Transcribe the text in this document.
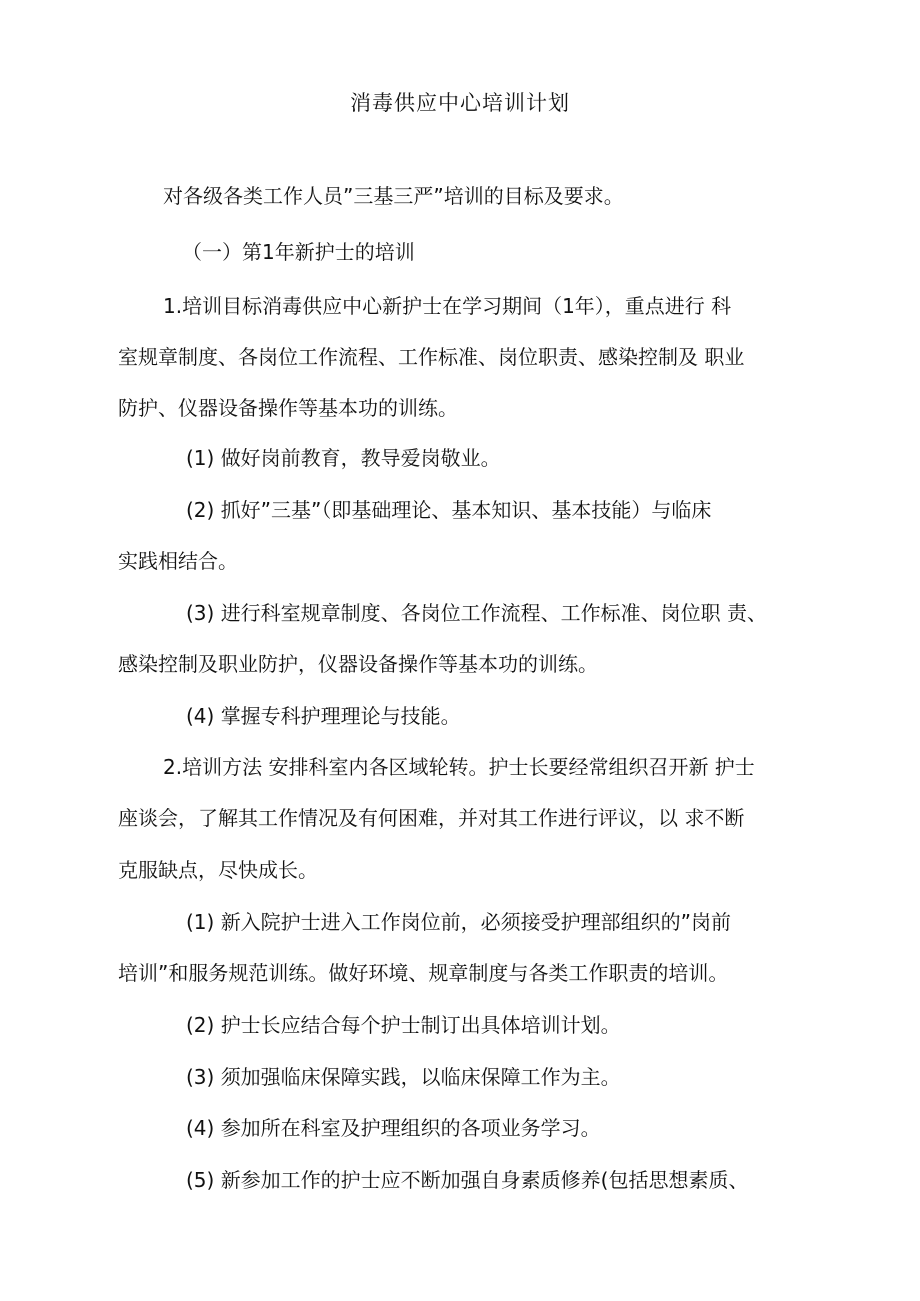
消毒供应中心培训计划
对各级各类工作人员”三基三严”培训的目标及要求。
（一）第1年新护士的培训
1.培训目标消毒供应中心新护士在学习期间（1年），重点进行 科
室规章制度、各岗位工作流程、工作标准、岗位职责、感染控制及 职业
防护、仪器设备操作等基本功的训练。
(1) 做好岗前教育，教导爱岗敬业。
(2) 抓好”三基”（即基础理论、基本知识、基本技能）与临床
实践相结合。
(3) 进行科室规章制度、各岗位工作流程、工作标准、岗位职 责、
感染控制及职业防护，仪器设备操作等基本功的训练。
(4) 掌握专科护理理论与技能。
2.培训方法 安排科室内各区域轮转。护士长要经常组织召开新 护士
座谈会，了解其工作情况及有何困难，并对其工作进行评议，以 求不断
克服缺点，尽快成长。
(1) 新入院护士进入工作岗位前，必须接受护理部组织的”岗前
培训”和服务规范训练。做好环境、规章制度与各类工作职责的培训。
(2) 护士长应结合每个护士制订出具体培训计划。
(3) 须加强临床保障实践，以临床保障工作为主。
(4) 参加所在科室及护理组织的各项业务学习。
(5) 新参加工作的护士应不断加强自身素质修养(包括思想素质、
